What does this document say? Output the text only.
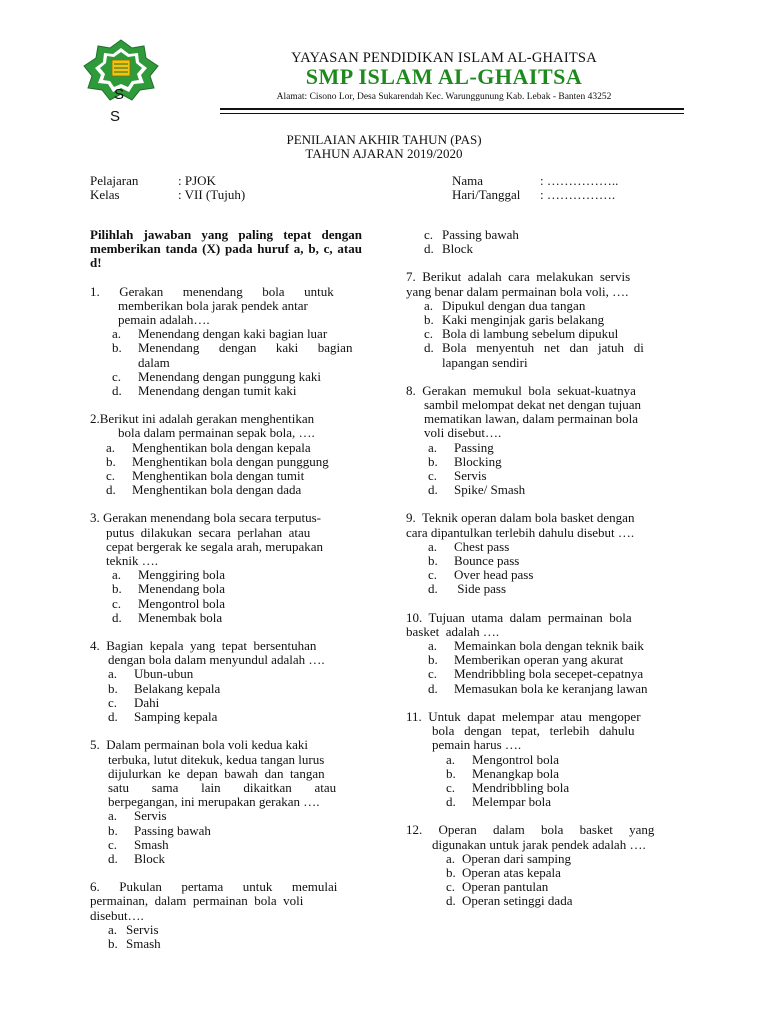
S
S
YAYASAN PENDIDIKAN ISLAM AL-GHAITSA
SMP ISLAM AL-GHAITSA
Alamat: Cisono Lor, Desa Sukarendah Kec. Warunggunung Kab. Lebak - Banten 43252
PENILAIAN AKHIR TAHUN (PAS)
TAHUN AJARAN 2019/2020
Pelajaran	: PJOK
Kelas	: VII (Tujuh)
Nama	: ……………..
Hari/Tanggal : …………….
Pilihlah jawaban yang paling tepat dengan memberikan tanda (X) pada huruf a, b, c, atau d!
1.      Gerakan      menendang      bola      untuk
memberikan bola jarak pendek antar
pemain adalah….
a.	Menendang dengan kaki bagian luar
b.	Menendang      dengan      kaki      bagian
dalam
c.	Menendang dengan punggung kaki
d.	Menendang dengan tumit kaki
2.Berikut ini adalah gerakan menghentikan
bola dalam permainan sepak bola, ….
a.	Menghentikan bola dengan kepala
b.	Menghentikan bola dengan punggung
c.	Menghentikan bola dengan tumit
d.	Menghentikan bola dengan dada
3. Gerakan menendang bola secara terputus-
putus  dilakukan  secara  perlahan  atau
cepat bergerak ke segala arah, merupakan
teknik ….
a.	Menggiring bola
b.	Menendang bola
c.	Mengontrol bola
d.	Menembak bola
4.  Bagian  kepala  yang  tepat  bersentuhan
dengan bola dalam menyundul adalah ….
a.	Ubun-ubun
b.	Belakang kepala
c.	Dahi
d.	Samping kepala
5.  Dalam permainan bola voli kedua kaki
terbuka, lutut ditekuk, kedua tangan lurus
dijulurkan  ke  depan  bawah  dan  tangan
satu       sama       lain       dikaitkan       atau
berpegangan, ini merupakan gerakan ….
a.	Servis
b.	Passing bawah
c.	Smash
d.	Block
6.      Pukulan      pertama      untuk      memulai
permainan,  dalam  permainan  bola  voli
disebut….
a. Servis
b. Smash
c. Passing bawah
d. Block
7.  Berikut  adalah  cara  melakukan  servis
yang benar dalam permainan bola voli, ….
a. Dipukul dengan dua tangan
b. Kaki menginjak garis belakang
c. Bola di lambung sebelum dipukul
d. Bola   menyentuh   net   dan   jatuh   di
lapangan sendiri
8.  Gerakan  memukul  bola  sekuat-kuatnya
sambil melompat dekat net dengan tujuan
mematikan lawan, dalam permainan bola
voli disebut….
a.	Passing
b.	Blocking
c.	Servis
d.	Spike/ Smash
9.  Teknik operan dalam bola basket dengan
cara dipantulkan terlebih dahulu disebut ….
a.	Chest pass
b.	Bounce pass
c.	Over head pass
d.	Side pass
10.  Tujuan  utama  dalam  permainan  bola
basket  adalah ….
a.	Memainkan bola dengan teknik baik
b.	Memberikan operan yang akurat
c.	Mendribbling bola secepet-cepatnya
d.	Memasukan bola ke keranjang lawan
11.  Untuk  dapat  melempar  atau  mengoper
bola   dengan   tepat,   terlebih   dahulu
pemain harus ….
a.	Mengontrol bola
b.	Menangkap bola
c.	Mendribbling bola
d.	Melempar bola
12.     Operan     dalam     bola     basket     yang
digunakan untuk jarak pendek adalah ….
a. Operan dari samping
b. Operan atas kepala
c. Operan pantulan
d. Operan setinggi dada
